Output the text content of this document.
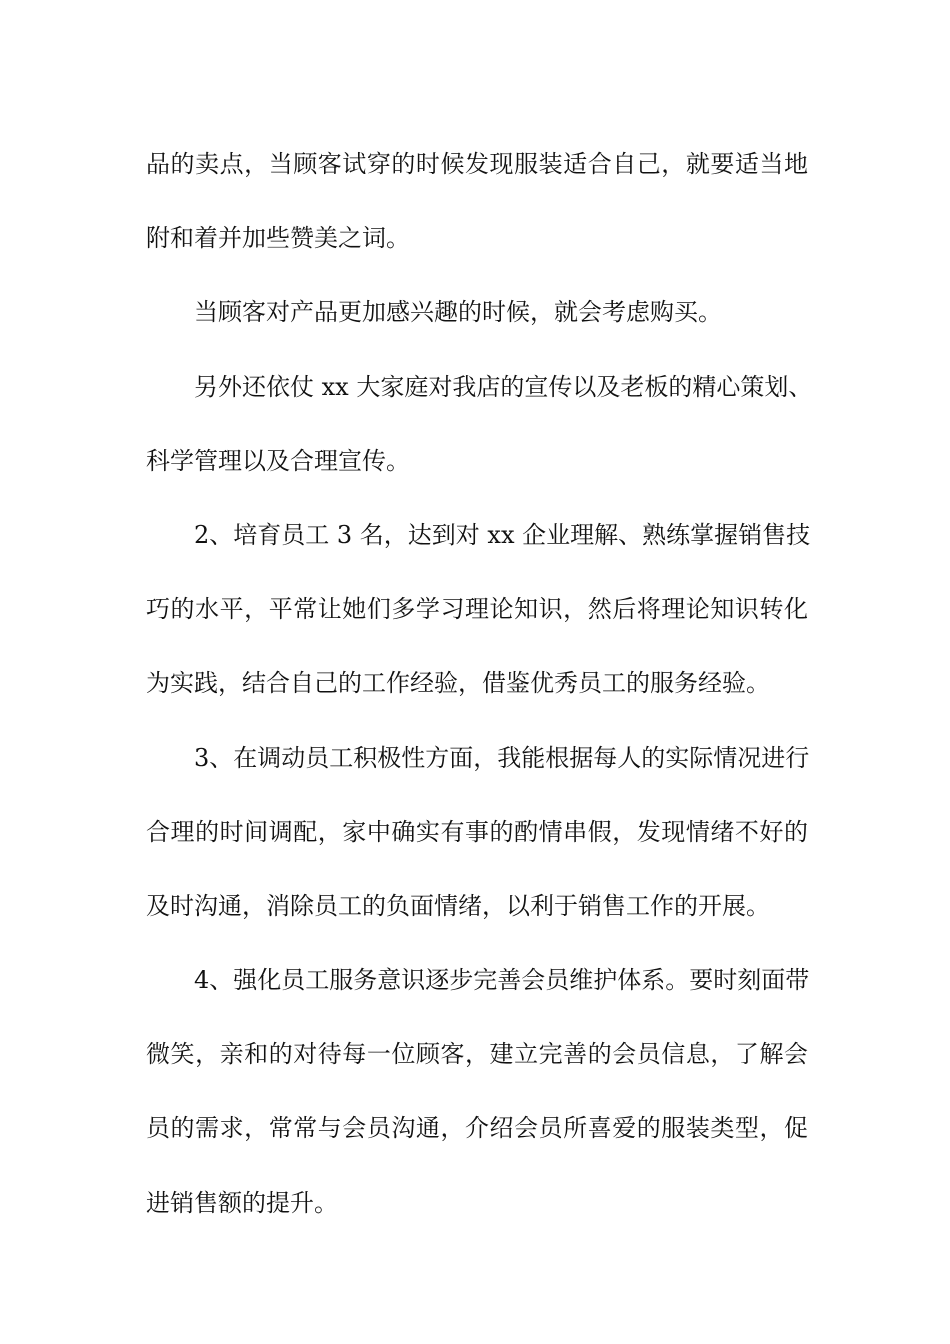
品的卖点，当顾客试穿的时候发现服装适合自己，就要适当地
附和着并加些赞美之词。
当顾客对产品更加感兴趣的时候，就会考虑购买。
另外还依仗 xx 大家庭对我店的宣传以及老板的精心策划、
科学管理以及合理宣传。
2、培育员工 3 名，达到对 xx 企业理解、熟练掌握销售技
巧的水平，平常让她们多学习理论知识，然后将理论知识转化
为实践，结合自己的工作经验，借鉴优秀员工的服务经验。
3、在调动员工积极性方面，我能根据每人的实际情况进行
合理的时间调配，家中确实有事的酌情串假，发现情绪不好的
及时沟通，消除员工的负面情绪，以利于销售工作的开展。
4、强化员工服务意识逐步完善会员维护体系。要时刻面带
微笑，亲和的对待每一位顾客，建立完善的会员信息，了解会
员的需求，常常与会员沟通，介绍会员所喜爱的服装类型，促
进销售额的提升。
